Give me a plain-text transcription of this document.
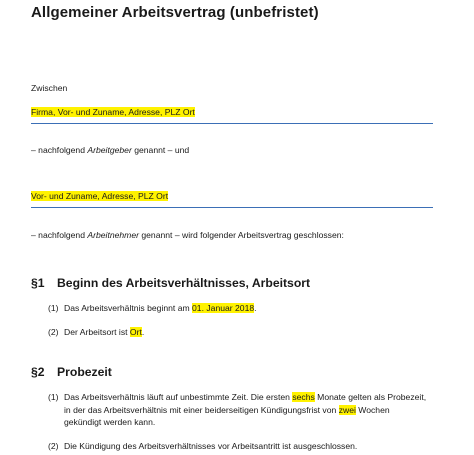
Allgemeiner Arbeitsvertrag (unbefristet)
Zwischen
Firma, Vor- und Zuname, Adresse, PLZ Ort
– nachfolgend Arbeitgeber genannt – und
Vor- und Zuname, Adresse, PLZ Ort
– nachfolgend Arbeitnehmer genannt – wird folgender Arbeitsvertrag geschlossen:
§1 Beginn des Arbeitsverhältnisses, Arbeitsort
(1) Das Arbeitsverhältnis beginnt am 01. Januar 2018.
(2) Der Arbeitsort ist Ort.
§2 Probezeit
(1) Das Arbeitsverhältnis läuft auf unbestimmte Zeit. Die ersten sechs Monate gelten als Probezeit,
in der das Arbeitsverhältnis mit einer beiderseitigen Kündigungsfrist von zwei Wochen
gekündigt werden kann.
(2) Die Kündigung des Arbeitsverhältnisses vor Arbeitsantritt ist ausgeschlossen.
